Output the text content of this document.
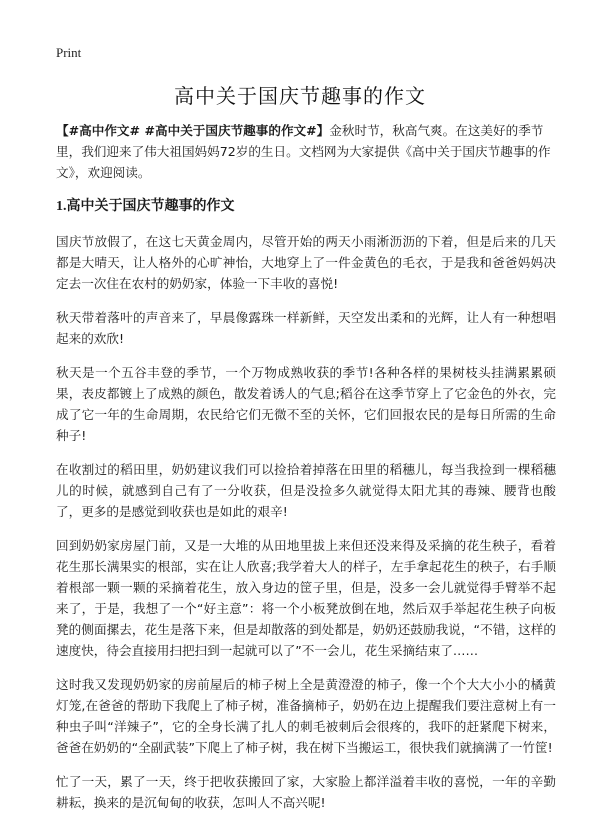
Print
高中关于国庆节趣事的作文

【#高中作文# #高中关于国庆节趣事的作文#】金秋时节，秋高气爽。在这美好的季节里，我们迎来了伟大祖国妈妈72岁的生日。文档网为大家提供《高中关于国庆节趣事的作文》，欢迎阅读。

1.高中关于国庆节趣事的作文

国庆节放假了，在这七天黄金周内，尽管开始的两天小雨淅沥沥的下着，但是后来的几天都是大晴天，让人格外的心旷神怡，大地穿上了一件金黄色的毛衣，于是我和爸爸妈妈决定去一次住在农村的奶奶家，体验一下丰收的喜悦!

秋天带着落叶的声音来了，早晨像露珠一样新鲜，天空发出柔和的光辉，让人有一种想唱起来的欢欣!

秋天是一个五谷丰登的季节，一个万物成熟收获的季节!各种各样的果树枝头挂满累累硕果，表皮都镀上了成熟的颜色，散发着诱人的气息;稻谷在这季节穿上了它金色的外衣，完成了它一年的生命周期，农民给它们无微不至的关怀，它们回报农民的是每日所需的生命种子!

在收割过的稻田里，奶奶建议我们可以捡拾着掉落在田里的稻穗儿，每当我捡到一棵稻穗儿的时候，就感到自己有了一分收获，但是没捡多久就觉得太阳尤其的毒辣、腰背也酸了，更多的是感觉到收获也是如此的艰辛!

回到奶奶家房屋门前，又是一大堆的从田地里拔上来但还没来得及采摘的花生秧子，看着花生那长满果实的根部，实在让人欣喜;我学着大人的样子，左手拿起花生的秧子，右手顺着根部一颗一颗的采摘着花生，放入身边的筐子里，但是，没多一会儿就觉得手臂举不起来了，于是，我想了一个“好主意”：将一个小板凳放倒在地，然后双手举起花生秧子向板凳的侧面摞去，花生是落下来，但是却散落的到处都是，奶奶还鼓励我说，“不错，这样的速度快，待会直接用扫把扫到一起就可以了”不一会儿，花生采摘结束了……

这时我又发现奶奶家的房前屋后的柿子树上全是黄澄澄的柿子，像一个个大大小小的橘黄灯笼,在爸爸的帮助下我爬上了柿子树，准备摘柿子，奶奶在边上提醒我们要注意树上有一种虫子叫“洋辣子”，它的全身长满了扎人的刺毛被刺后会很疼的，我吓的赶紧爬下树来，爸爸在奶奶的“全副武装”下爬上了柿子树，我在树下当搬运工，很快我们就摘满了一竹筐!

忙了一天，累了一天，终于把收获搬回了家，大家脸上都洋溢着丰收的喜悦，一年的辛勤耕耘，换来的是沉甸甸的收获，怎叫人不高兴呢!
